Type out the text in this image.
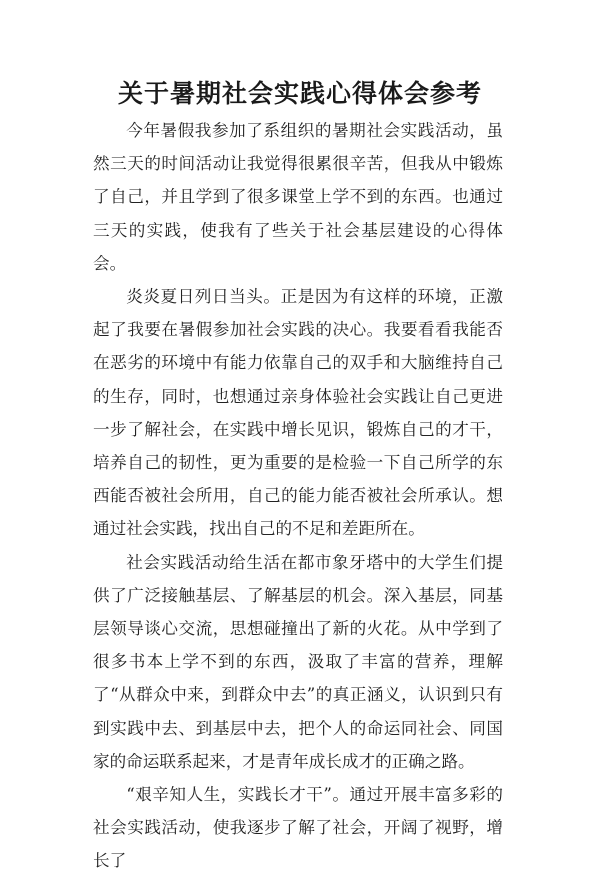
关于暑期社会实践心得体会参考

今年暑假我参加了系组织的暑期社会实践活动，虽然三天的时间活动让我觉得很累很辛苦，但我从中锻炼了自己，并且学到了很多课堂上学不到的东西。也通过三天的实践，使我有了些关于社会基层建设的心得体会。

炎炎夏日列日当头。正是因为有这样的环境，正激起了我要在暑假参加社会实践的决心。我要看看我能否在恶劣的环境中有能力依靠自己的双手和大脑维持自己的生存，同时，也想通过亲身体验社会实践让自己更进一步了解社会，在实践中增长见识，锻炼自己的才干，培养自己的韧性，更为重要的是检验一下自己所学的东西能否被社会所用，自己的能力能否被社会所承认。想通过社会实践，找出自己的不足和差距所在。

社会实践活动给生活在都市象牙塔中的大学生们提供了广泛接触基层、了解基层的机会。深入基层，同基层领导谈心交流，思想碰撞出了新的火花。从中学到了很多书本上学不到的东西，汲取了丰富的营养，理解了“从群众中来，到群众中去”的真正涵义，认识到只有到实践中去、到基层中去，把个人的命运同社会、同国家的命运联系起来，才是青年成长成才的正确之路。

“艰辛知人生，实践长才干”。通过开展丰富多彩的社会实践活动，使我逐步了解了社会，开阔了视野，增长了
